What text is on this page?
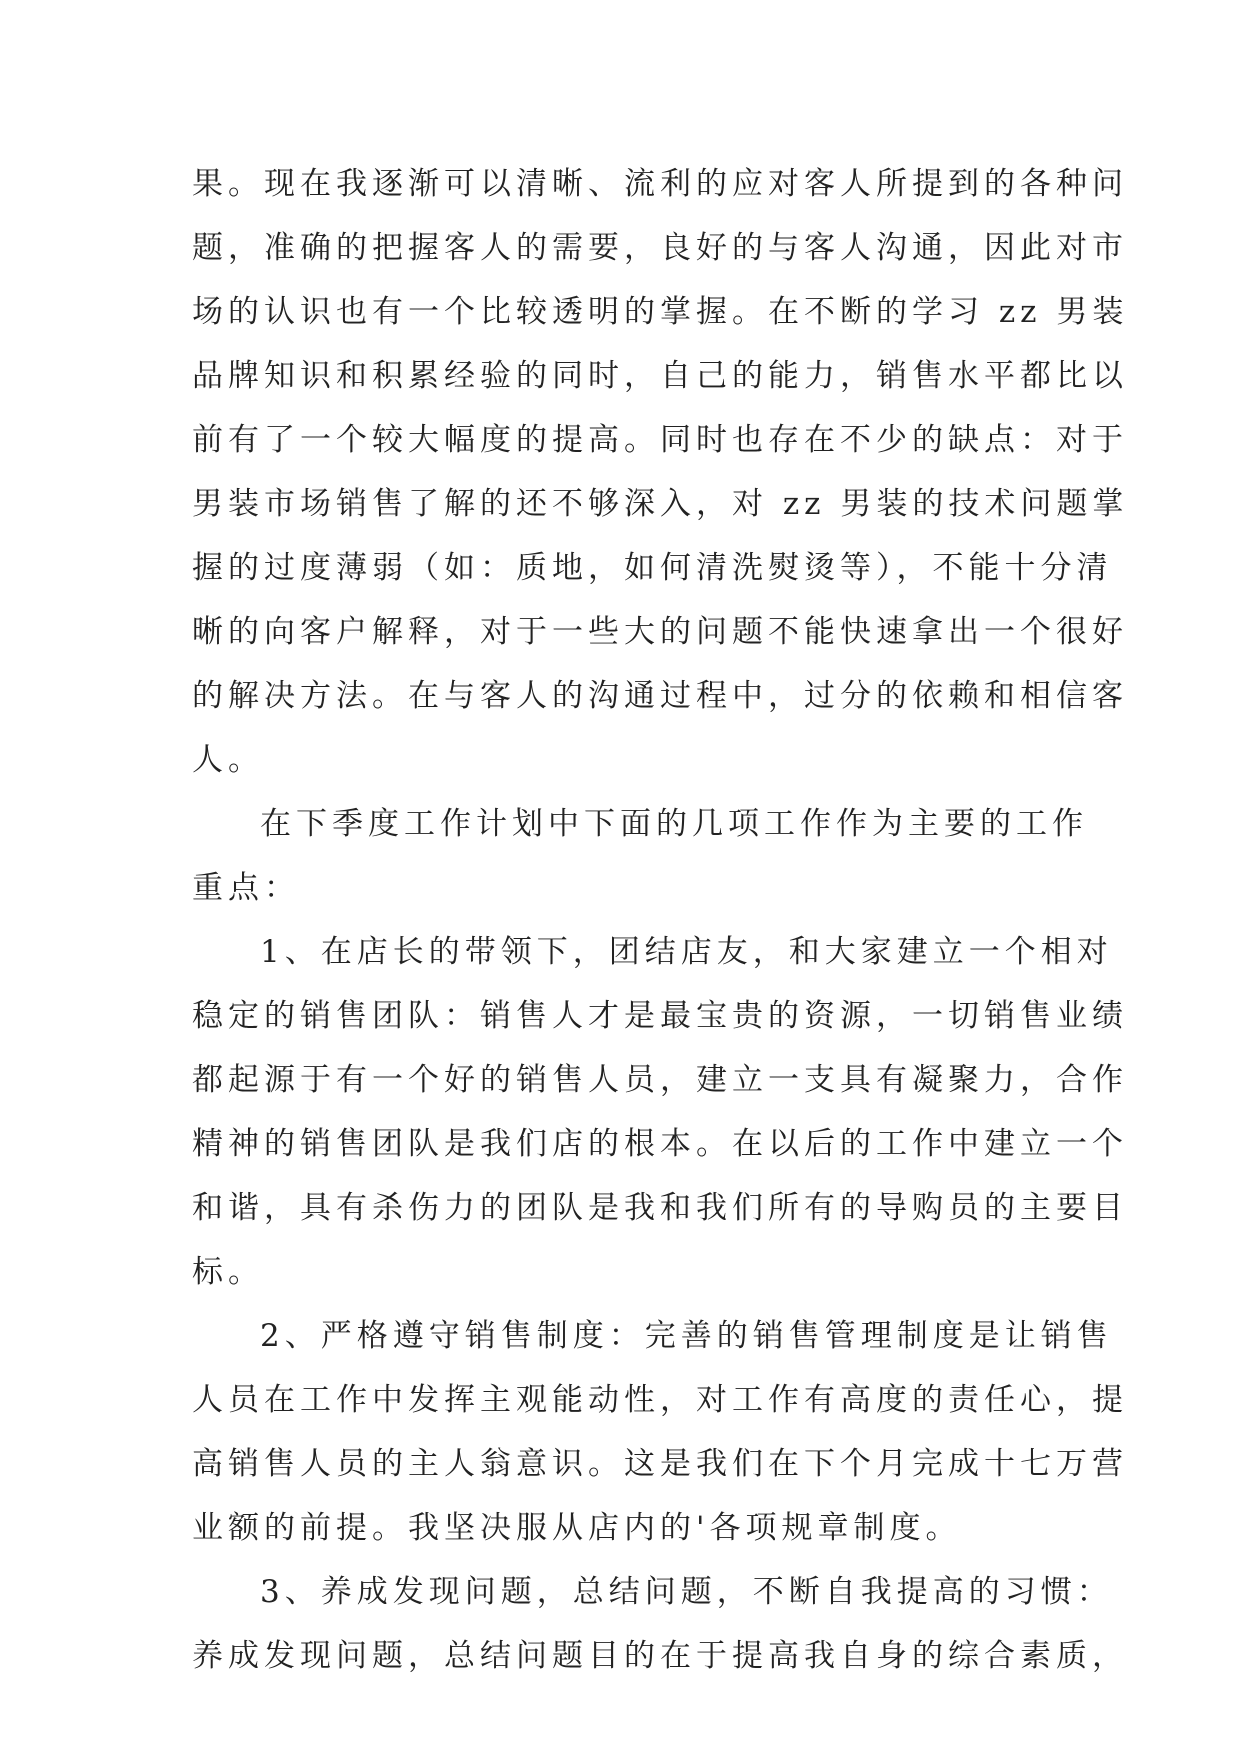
果。现在我逐渐可以清晰、流利的应对客人所提到的各种问
题，准确的把握客人的需要，良好的与客人沟通，因此对市
场的认识也有一个比较透明的掌握。在不断的学习 zz 男装
品牌知识和积累经验的同时，自己的能力，销售水平都比以
前有了一个较大幅度的提高。同时也存在不少的缺点：对于
男装市场销售了解的还不够深入，对 zz 男装的技术问题掌
握的过度薄弱（如：质地，如何清洗熨烫等），不能十分清
晰的向客户解释，对于一些大的问题不能快速拿出一个很好
的解决方法。在与客人的沟通过程中，过分的依赖和相信客
人。
在下季度工作计划中下面的几项工作作为主要的工作
重点：
1、在店长的带领下，团结店友，和大家建立一个相对
稳定的销售团队：销售人才是最宝贵的资源，一切销售业绩
都起源于有一个好的销售人员，建立一支具有凝聚力，合作
精神的销售团队是我们店的根本。在以后的工作中建立一个
和谐，具有杀伤力的团队是我和我们所有的导购员的主要目
标。
2、严格遵守销售制度：完善的销售管理制度是让销售
人员在工作中发挥主观能动性，对工作有高度的责任心，提
高销售人员的主人翁意识。这是我们在下个月完成十七万营
业额的前提。我坚决服从店内的'各项规章制度。
3、养成发现问题，总结问题，不断自我提高的习惯：
养成发现问题，总结问题目的在于提高我自身的综合素质，
